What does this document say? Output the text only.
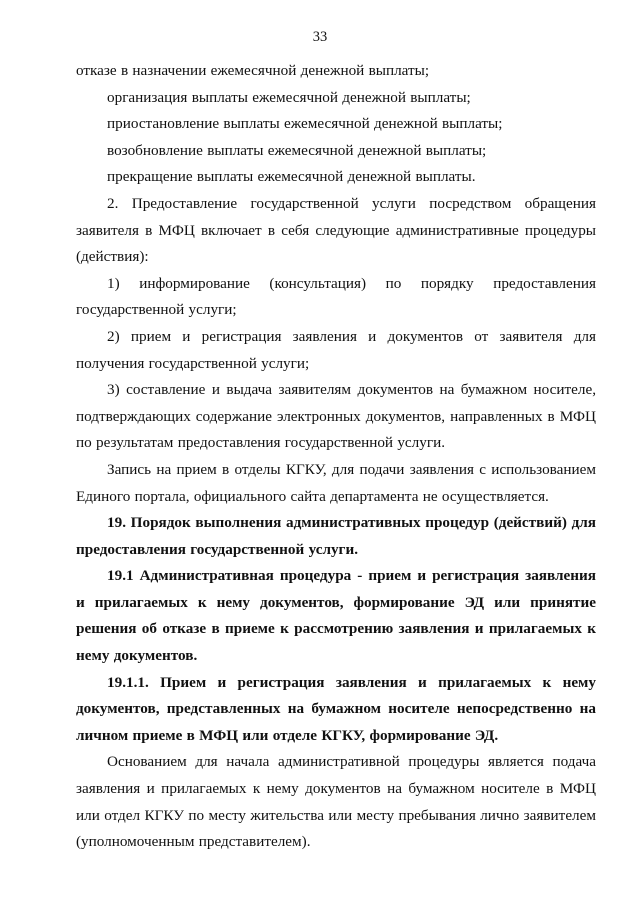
33

отказе в назначении ежемесячной денежной выплаты;

организация выплаты ежемесячной денежной выплаты;

приостановление выплаты ежемесячной денежной выплаты;

возобновление выплаты ежемесячной денежной выплаты;

прекращение выплаты ежемесячной денежной выплаты.

2. Предоставление государственной услуги посредством обращения заявителя в МФЦ включает в себя следующие административные процедуры (действия):

1) информирование (консультация) по порядку предоставления государственной услуги;

2) прием и регистрация заявления и документов от заявителя для получения государственной услуги;

3) составление и выдача заявителям документов на бумажном носителе, подтверждающих содержание электронных документов, направленных в МФЦ по результатам предоставления государственной услуги.

Запись на прием в отделы КГКУ, для подачи заявления с использованием Единого портала, официального сайта департамента не осуществляется.

19. Порядок выполнения административных процедур (действий) для предоставления государственной услуги.

19.1 Административная процедура - прием и регистрация заявления и прилагаемых к нему документов, формирование ЭД или принятие решения об отказе в приеме к рассмотрению заявления и прилагаемых к нему документов.

19.1.1. Прием и регистрация заявления и прилагаемых к нему документов, представленных на бумажном носителе непосредственно на личном приеме в МФЦ или отделе КГКУ, формирование ЭД.

Основанием для начала административной процедуры является подача заявления и прилагаемых к нему документов на бумажном носителе в МФЦ или отдел КГКУ по месту жительства или месту пребывания лично заявителем (уполномоченным представителем).
